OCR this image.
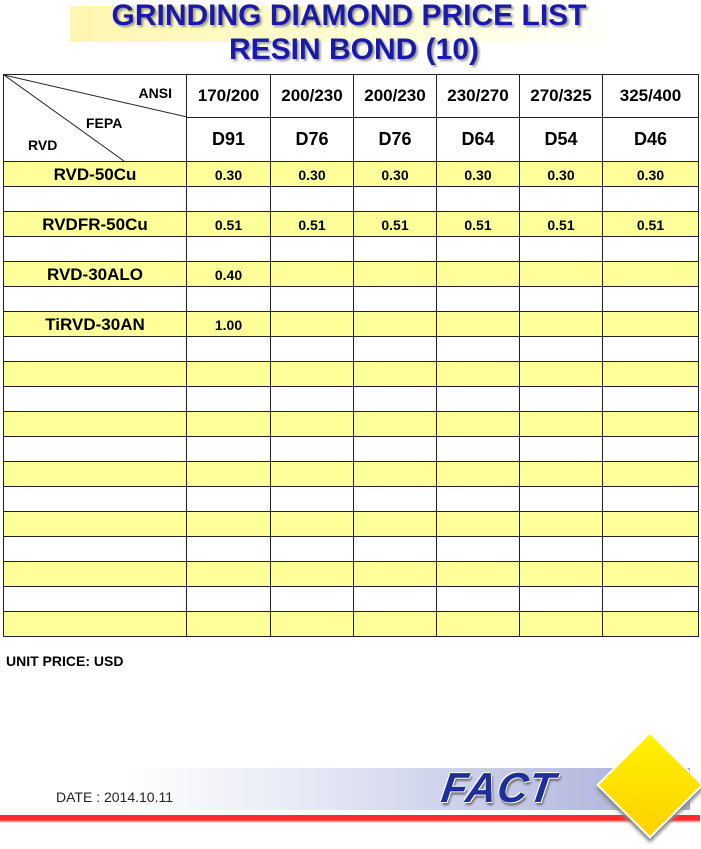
GRINDING DIAMOND PRICE LIST
RESIN BOND (10)
ANSI
FEPA
RVD	170/200	200/230	200/230	230/270	270/325	325/400
	D91	D76	D76	D64	D54	D46
RVD-50Cu	0.30	0.30	0.30	0.30	0.30	0.30

RVDFR-50Cu	0.51	0.51	0.51	0.51	0.51	0.51

RVD-30ALO	0.40					

TiRVD-30AN	1.00					

UNIT PRICE: USD

DATE : 2014.10.11	FACT
